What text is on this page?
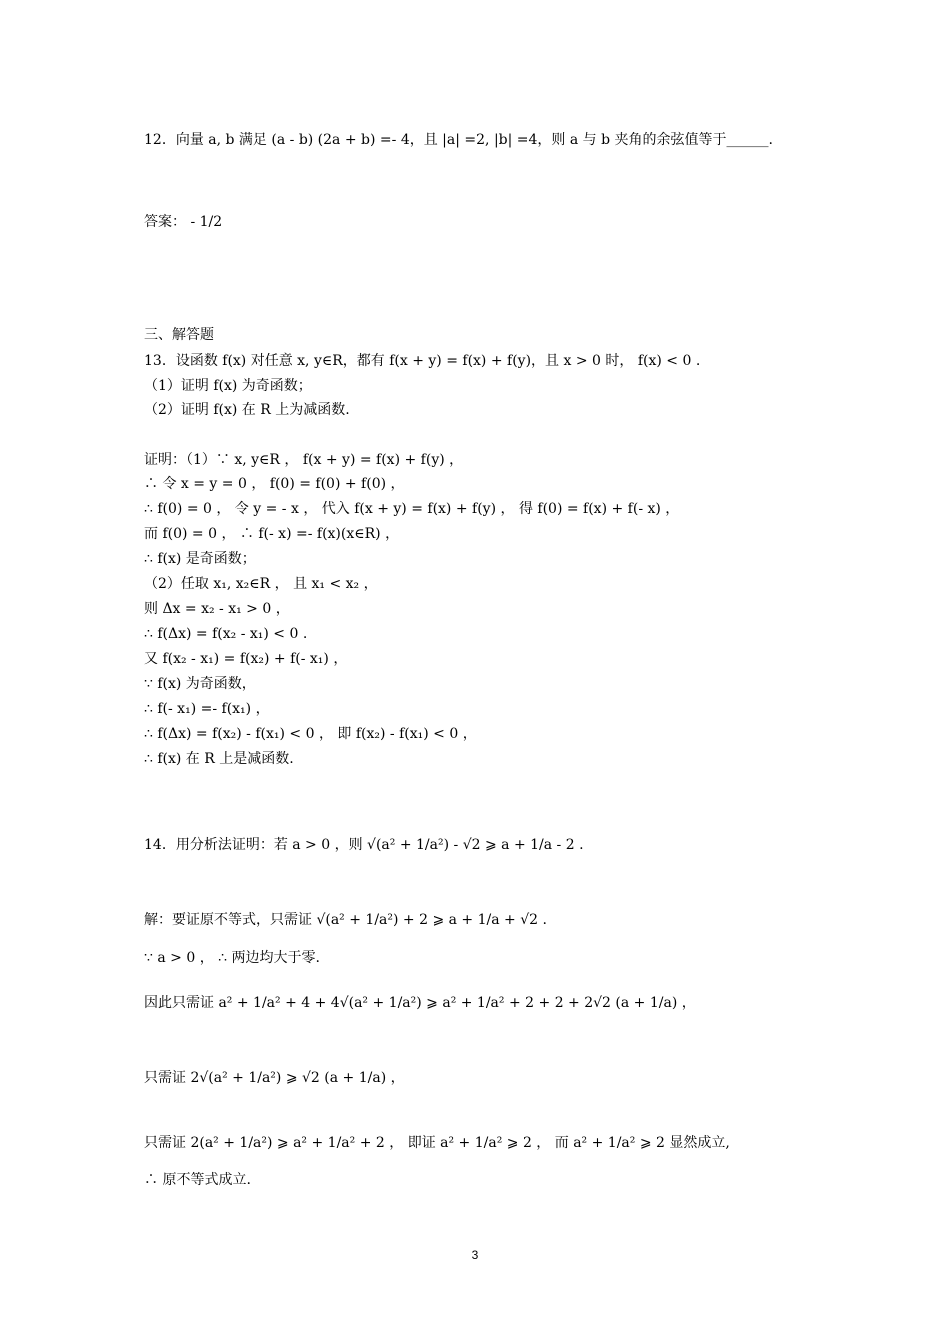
12．向量 a, b 满足 (a - b) (2a + b) =- 4，且 |a| =2, |b| =4，则 a 与 b 夹角的余弦值等于______.
答案： - 1/2
三、解答题
13．设函数 f(x) 对任意 x, y∈R，都有 f(x + y) = f(x) + f(y)，且 x > 0 时， f(x) < 0 .
（1）证明 f(x) 为奇函数；
（2）证明 f(x) 在 R 上为减函数.
证明：（1）∵ x, y∈R ， f(x + y) = f(x) + f(y) ，
∴ 令 x = y = 0 ， f(0) = f(0) + f(0) ，
∴ f(0) = 0 ， 令 y = - x ， 代入 f(x + y) = f(x) + f(y) ， 得 f(0) = f(x) + f(- x) ，
而 f(0) = 0 ， ∴ f(- x) =- f(x)(x∈R) ，
∴ f(x) 是奇函数；
（2）任取 x₁, x₂∈R ， 且 x₁ < x₂ ，
则 Δx = x₂ - x₁ > 0 ，
∴ f(Δx) = f(x₂ - x₁) < 0 .
又 f(x₂ - x₁) = f(x₂) + f(- x₁) ，
∵ f(x) 为奇函数，
∴ f(- x₁) =- f(x₁) ，
∴ f(Δx) = f(x₂) - f(x₁) < 0 ， 即 f(x₂) - f(x₁) < 0 ，
∴ f(x) 在 R 上是减函数.
14．用分析法证明：若 a > 0 ，则 √(a² + 1/a²) - √2 ⩾ a + 1/a - 2 .
解：要证原不等式，只需证 √(a² + 1/a²) + 2 ⩾ a + 1/a + √2 .
∵ a > 0 ， ∴ 两边均大于零.
因此只需证 a² + 1/a² + 4 + 4√(a² + 1/a²) ⩾ a² + 1/a² + 2 + 2 + 2√2 (a + 1/a) ，
只需证 2√(a² + 1/a²) ⩾ √2 (a + 1/a) ，
只需证 2(a² + 1/a²) ⩾ a² + 1/a² + 2 ， 即证 a² + 1/a² ⩾ 2 ， 而 a² + 1/a² ⩾ 2 显然成立,
∴ 原不等式成立.
3
